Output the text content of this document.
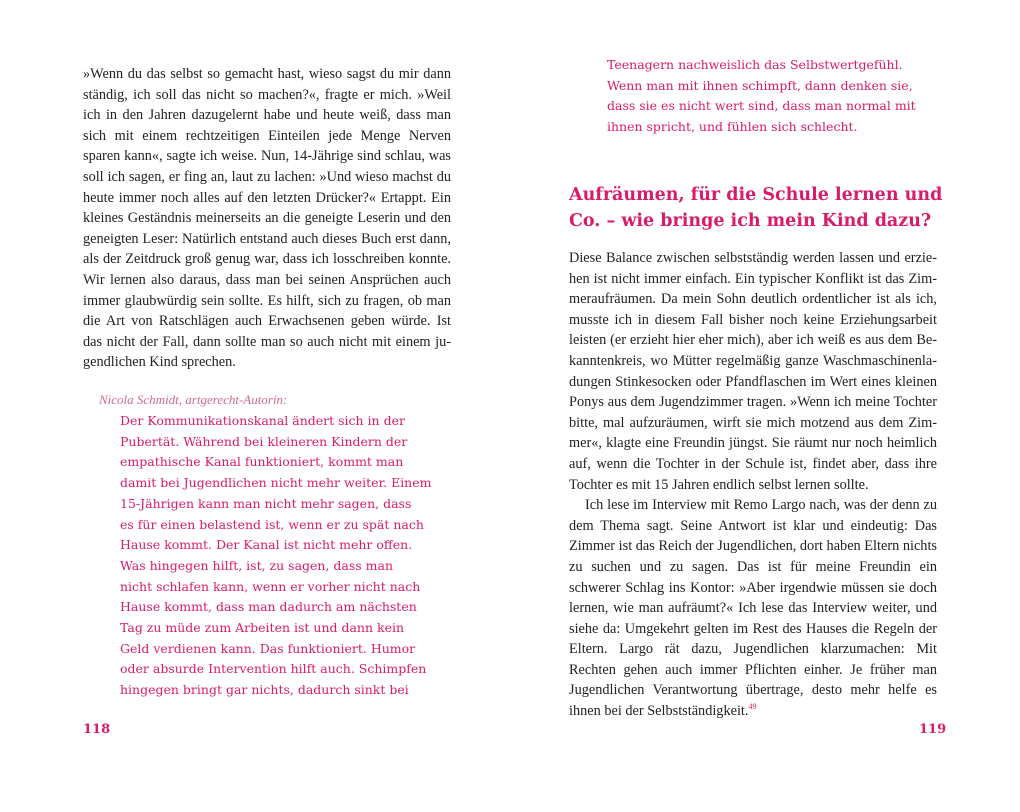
»Wenn du das selbst so gemacht hast, wieso sagst du mir dann ständig, ich soll das nicht so machen?«, fragte er mich. »Weil ich in den Jahren dazugelernt habe und heute weiß, dass man sich mit einem rechtzeitigen Einteilen jede Menge Nerven sparen kann«, sagte ich weise. Nun, 14-Jährige sind schlau, was soll ich sagen, er fing an, laut zu lachen: »Und wieso machst du heute immer noch alles auf den letzten Drücker?« Ertappt. Ein kleines Geständnis meinerseits an die geneigte Leserin und den geneigten Leser: Natürlich entstand auch dieses Buch erst dann, als der Zeitdruck groß genug war, dass ich losschreiben konnte. Wir lernen also daraus, dass man bei seinen Ansprüchen auch immer glaubwürdig sein sollte. Es hilft, sich zu fragen, ob man die Art von Ratschlägen auch Erwachsenen geben würde. Ist das nicht der Fall, dann sollte man so auch nicht mit einem jugendlichen Kind sprechen.

Nicola Schmidt, artgerecht-Autorin:

Der Kommunikationskanal ändert sich in der

Pubertät. Während bei kleineren Kindern der

empathische Kanal funktioniert, kommt man

damit bei Jugendlichen nicht mehr weiter. Einem

15-Jährigen kann man nicht mehr sagen, dass

es für einen belastend ist, wenn er zu spät nach

Hause kommt. Der Kanal ist nicht mehr offen.

Was hingegen hilft, ist, zu sagen, dass man

nicht schlafen kann, wenn er vorher nicht nach

Hause kommt, dass man dadurch am nächsten

Tag zu müde zum Arbeiten ist und dann kein

Geld verdienen kann. Das funktioniert. Humor

oder absurde Intervention hilft auch. Schimpfen

hingegen bringt gar nichts, dadurch sinkt bei

118

Teenagern nachweislich das Selbstwertgefühl.

Wenn man mit ihnen schimpft, dann denken sie,

dass sie es nicht wert sind, dass man normal mit

ihnen spricht, und fühlen sich schlecht.

Aufräumen, für die Schule lernen und Co. – wie bringe ich mein Kind dazu?

Diese Balance zwischen selbstständig werden lassen und erziehen ist nicht immer einfach. Ein typischer Konflikt ist das Zimmeraufräumen. Da mein Sohn deutlich ordentlicher ist als ich, musste ich in diesem Fall bisher noch keine Erziehungsarbeit leisten (er erzieht hier eher mich), aber ich weiß es aus dem Bekanntenkreis, wo Mütter regelmäßig ganze Waschmaschinenladungen Stinkesocken oder Pfandflaschen im Wert eines kleinen Ponys aus dem Jugendzimmer tragen. »Wenn ich meine Tochter bitte, mal aufzuräumen, wirft sie mich motzend aus dem Zimmer«, klagte eine Freundin jüngst. Sie räumt nur noch heimlich auf, wenn die Tochter in der Schule ist, findet aber, dass ihre Tochter es mit 15 Jahren endlich selbst lernen sollte.

Ich lese im Interview mit Remo Largo nach, was der denn zu dem Thema sagt. Seine Antwort ist klar und eindeutig: Das Zimmer ist das Reich der Jugendlichen, dort haben Eltern nichts zu suchen und zu sagen. Das ist für meine Freundin ein schwerer Schlag ins Kontor: »Aber irgendwie müssen sie doch lernen, wie man aufräumt?« Ich lese das Interview weiter, und siehe da: Umgekehrt gelten im Rest des Hauses die Regeln der Eltern. Largo rät dazu, Jugendlichen klarzumachen: Mit Rechten gehen auch immer Pflichten einher. Je früher man Jugendlichen Verantwortung übertrage, desto mehr helfe es ihnen bei der Selbstständigkeit.$^{49}$

119
